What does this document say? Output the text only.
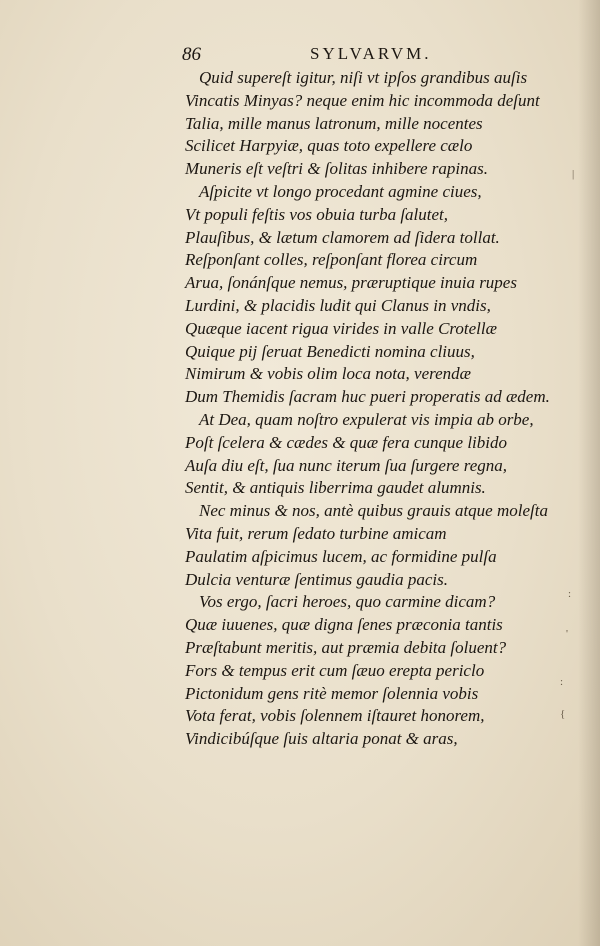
86	SYLVARVM.
Quid supereſt igitur, niſi vt ipſos grandibus auſis
Vincatis Minyas? neque enim hic incommoda deſunt
Talia, mille manus latronum, mille nocentes
Scilicet Harpyiæ, quas toto expellere cælo
Muneris eſt veſtri & ſolitas inhibere rapinas.
Aſpicite vt longo procedant agmine ciues,
Vt populi feſtis vos obuia turba ſalutet,
Plauſibus, & lætum clamorem ad ſidera tollat.
Reſponſant colles, reſponſant florea circum
Arua, ſonánſque nemus, præruptique inuia rupes
Lurdini, & placidis ludit qui Clanus in vndis,
Quæque iacent rigua virides in valle Crotellæ
Quique pij ſeruat Benedicti nomina cliuus,
Nimirum & vobis olim loca nota, verendæ
Dum Themidis ſacram huc pueri properatis ad ædem.
At Dea, quam noſtro expulerat vis impia ab orbe,
Poſt ſcelera & cædes & quæ fera cunque libido
Auſa diu eſt, ſua nunc iterum ſua ſurgere regna,
Sentit, & antiquis liberrima gaudet alumnis.
Nec minus & nos, antè quibus grauis atque moleſta
Vita fuit, rerum ſedato turbine amicam
Paulatim aſpicimus lucem, ac formidine pulſa
Dulcia venturæ ſentimus gaudia pacis.
Vos ergo, ſacri heroes, quo carmine dicam?
Quæ iuuenes, quæ digna ſenes præconia tantis
Præſtabunt meritis, aut præmia debita ſoluent?
Fors & tempus erit cum ſæuo erepta periclo
Pictonidum gens ritè memor ſolennia vobis
Vota ferat, vobis ſolennem iſtauret honorem,
Vindicibúſque ſuis altaria ponat & aras,
|
:
'
:
{
